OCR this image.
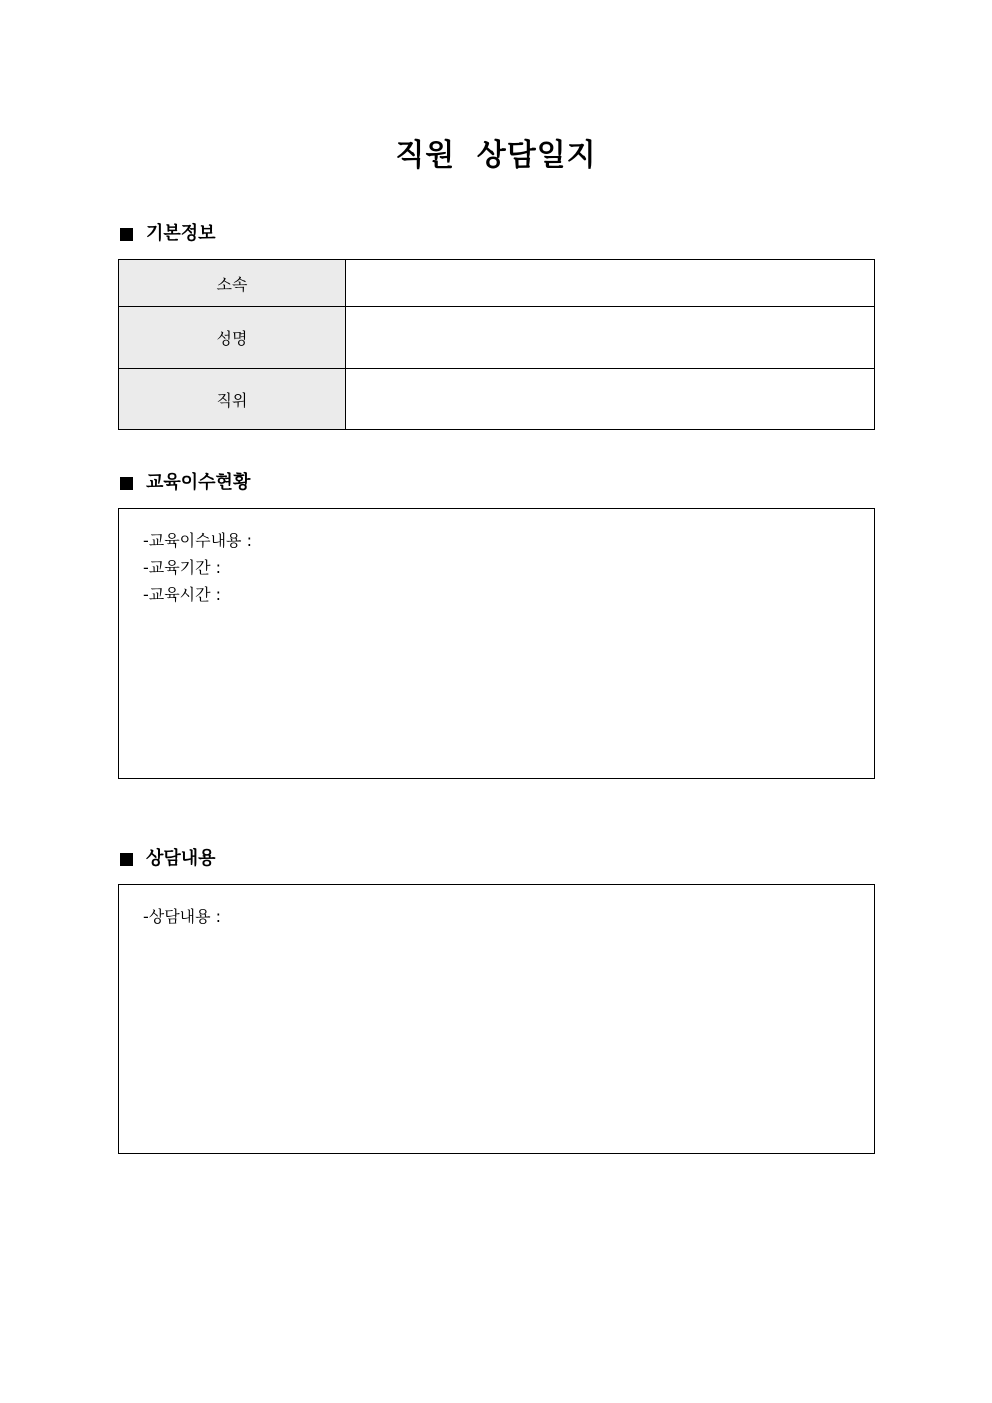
직원 상담일지
기본정보
소속	
성명	
직위	
교육이수현황
-교육이수내용 :
-교육기간 :
-교육시간 :
상담내용
-상담내용 :
